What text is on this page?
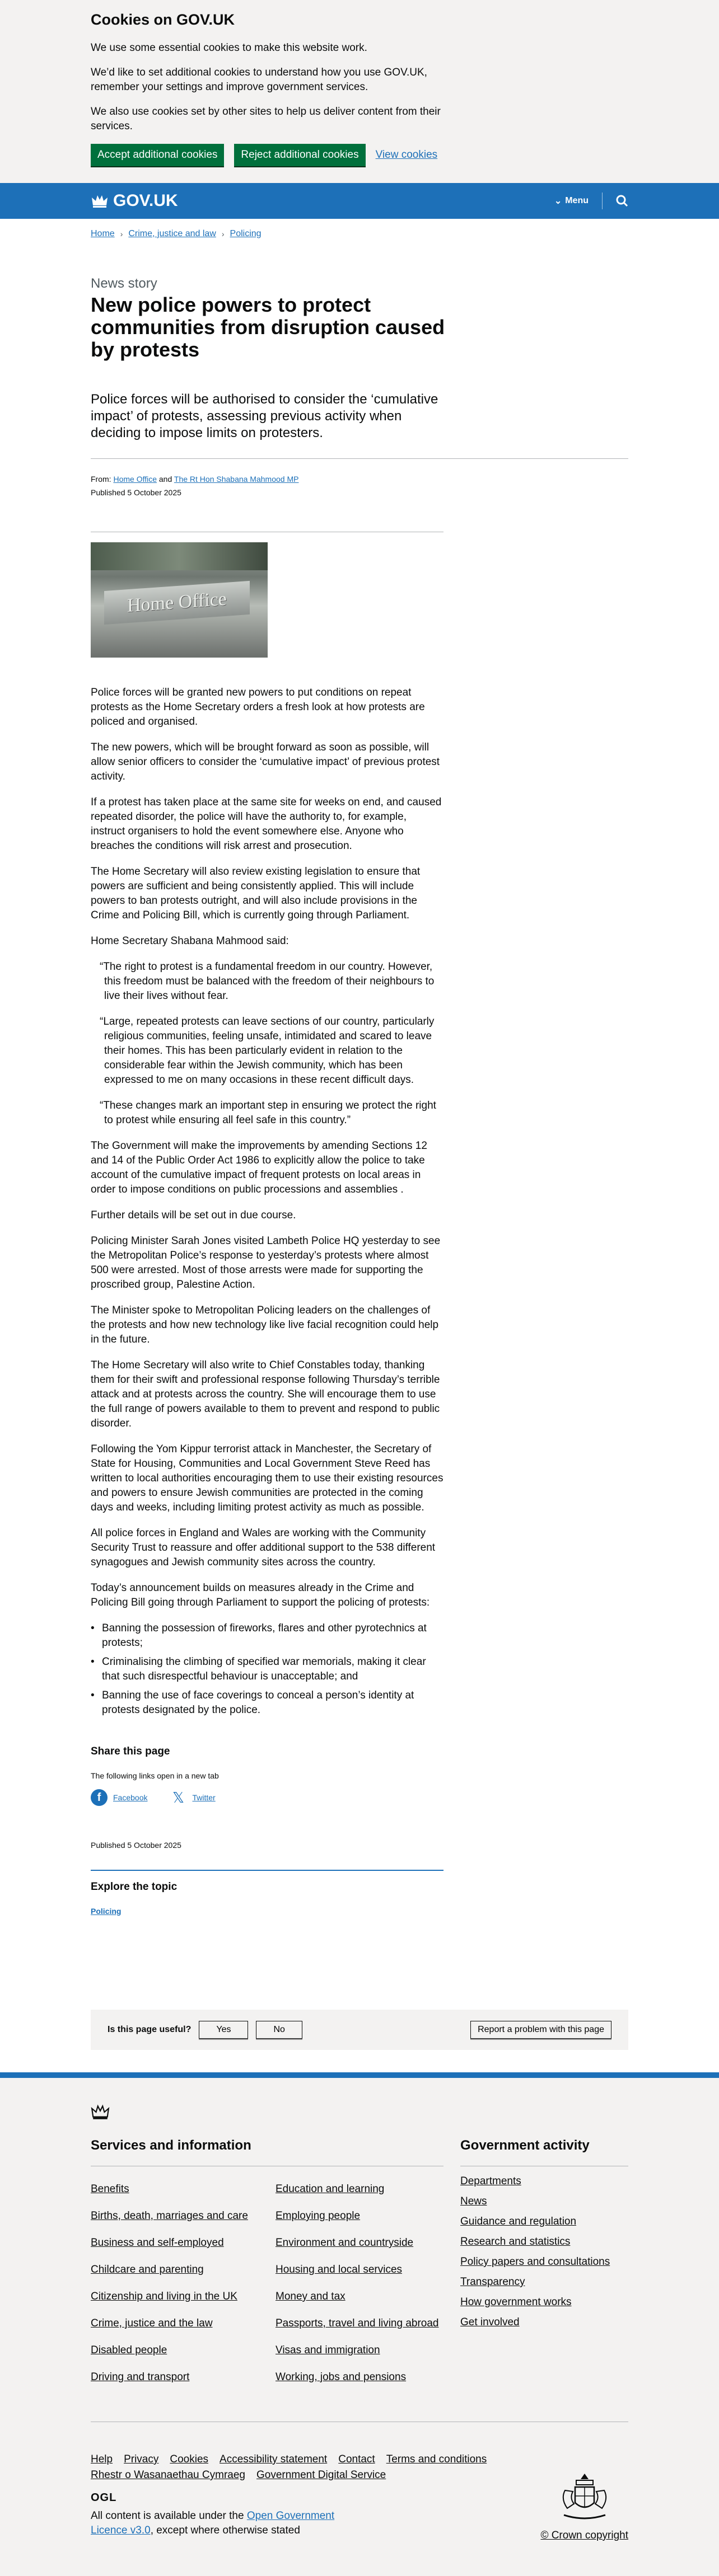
Cookies on GOV.UK

We use some essential cookies to make this website work.

We’d like to set additional cookies to understand how you use GOV.UK, remember your settings and improve government services.

We also use cookies set by other sites to help us deliver content from their services.

Accept additional cookies	Reject additional cookies	View cookies
GOV.UK	⌄ Menu
Home › Crime, justice and law › Policing
News story
New police powers to protect communities from disruption caused by protests

Police forces will be authorised to consider the ‘cumulative impact’ of protests, assessing previous activity when deciding to impose limits on protesters.

From: Home Office and The Rt Hon Shabana Mahmood MP
Published 5 October 2025
Home Office

Police forces will be granted new powers to put conditions on repeat protests as the Home Secretary orders a fresh look at how protests are policed and organised.

The new powers, which will be brought forward as soon as possible, will allow senior officers to consider the ‘cumulative impact’ of previous protest activity.

If a protest has taken place at the same site for weeks on end, and caused repeated disorder, the police will have the authority to, for example, instruct organisers to hold the event somewhere else. Anyone who breaches the conditions will risk arrest and prosecution.

The Home Secretary will also review existing legislation to ensure that powers are sufficient and being consistently applied. This will include powers to ban protests outright, and will also include provisions in the Crime and Policing Bill, which is currently going through Parliament.

Home Secretary Shabana Mahmood said:

“The right to protest is a fundamental freedom in our country. However, this freedom must be balanced with the freedom of their neighbours to live their lives without fear.

“Large, repeated protests can leave sections of our country, particularly religious communities, feeling unsafe, intimidated and scared to leave their homes. This has been particularly evident in relation to the considerable fear within the Jewish community, which has been expressed to me on many occasions in these recent difficult days.

“These changes mark an important step in ensuring we protect the right to protest while ensuring all feel safe in this country.”

The Government will make the improvements by amending Sections 12 and 14 of the Public Order Act 1986 to explicitly allow the police to take account of the cumulative impact of frequent protests on local areas in order to impose conditions on public processions and assemblies .

Further details will be set out in due course.

Policing Minister Sarah Jones visited Lambeth Police HQ yesterday to see the Metropolitan Police’s response to yesterday’s protests where almost 500 were arrested. Most of those arrests were made for supporting the proscribed group, Palestine Action.

The Minister spoke to Metropolitan Policing leaders on the challenges of the protests and how new technology like live facial recognition could help in the future.

The Home Secretary will also write to Chief Constables today, thanking them for their swift and professional response following Thursday’s terrible attack and at protests across the country. She will encourage them to use the full range of powers available to them to prevent and respond to public disorder.

Following the Yom Kippur terrorist attack in Manchester, the Secretary of State for Housing, Communities and Local Government Steve Reed has written to local authorities encouraging them to use their existing resources and powers to ensure Jewish communities are protected in the coming days and weeks, including limiting protest activity as much as possible.

All police forces in England and Wales are working with the Community Security Trust to reassure and offer additional support to the 538 different synagogues and Jewish community sites across the country.

Today’s announcement builds on measures already in the Crime and Policing Bill going through Parliament to support the policing of protests:

• Banning the possession of fireworks, flares and other pyrotechnics at protests;
• Criminalising the climbing of specified war memorials, making it clear that such disrespectful behaviour is unacceptable; and
• Banning the use of face coverings to conceal a person’s identity at protests designated by the police.
Share this page

The following links open in a new tab

f	Facebook 𝕏	Twitter
Published 5 October 2025
Explore the topic
Policing
Is this page useful?	Yes	No	Report a problem with this page
Services and information
Benefits	Education and learning
Births, death, marriages and care	Employing people
Business and self-employed	Environment and countryside
Childcare and parenting	Housing and local services
Citizenship and living in the UK	Money and tax
Crime, justice and the law	Passports, travel and living abroad
Disabled people	Visas and immigration
Driving and transport	Working, jobs and pensions
Government activity
Departments
News
Guidance and regulation
Research and statistics
Policy papers and consultations
Transparency
How government works
Get involved
Help Privacy Cookies Accessibility statement Contact Terms and conditions
Rhestr o Wasanaethau Cymraeg Government Digital Service
OGL
All content is available under the Open Government Licence v3.0, except where otherwise stated	© Crown copyright
